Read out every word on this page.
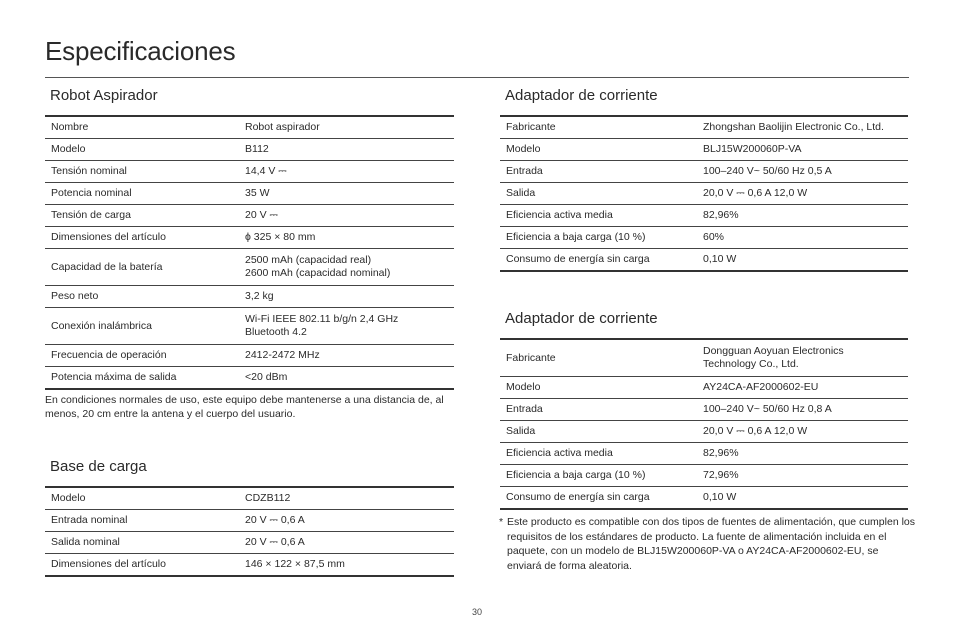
Especificaciones
Robot Aspirador
Nombre	Robot aspirador
Modelo	B112
Tensión nominal	14,4 V ⎓
Potencia nominal	35 W
Tensión de carga	20 V ⎓
Dimensiones del artículo	ϕ 325 × 80 mm
Capacidad de la batería	2500 mAh (capacidad real)
2600 mAh (capacidad nominal)
Peso neto	3,2 kg
Conexión inalámbrica	Wi-Fi IEEE 802.11 b/g/n 2,4 GHz
Bluetooth 4.2
Frecuencia de operación	2412-2472 MHz
Potencia máxima de salida	<20 dBm

En condiciones normales de uso, este equipo debe mantenerse a una distancia de, al menos, 20 cm entre la antena y el cuerpo del usuario.

Base de carga
Modelo	CDZB112
Entrada nominal	20 V ⎓ 0,6 A
Salida nominal	20 V ⎓ 0,6 A
Dimensiones del artículo	146 × 122 × 87,5 mm
Adaptador de corriente
Fabricante	Zhongshan Baolijin Electronic Co., Ltd.
Modelo	BLJ15W200060P-VA
Entrada	100–240 V~ 50/60 Hz 0,5 A
Salida	20,0 V ⎓ 0,6 A 12,0 W
Eficiencia activa media	82,96%
Eficiencia a baja carga (10 %)	60%
Consumo de energía sin carga	0,10 W
Adaptador de corriente
Fabricante	Dongguan Aoyuan Electronics
Technology Co., Ltd.
Modelo	AY24CA-AF2000602-EU
Entrada	100–240 V~ 50/60 Hz 0,8 A
Salida	20,0 V ⎓ 0,6 A 12,0 W
Eficiencia activa media	82,96%
Eficiencia a baja carga (10 %)	72,96%
Consumo de energía sin carga	0,10 W
* Este producto es compatible con dos tipos de fuentes de alimentación, que cumplen los requisitos de los estándares de producto. La fuente de alimentación incluida en el paquete, con un modelo de BLJ15W200060P-VA o AY24CA-AF2000602-EU, se enviará de forma aleatoria.
30
